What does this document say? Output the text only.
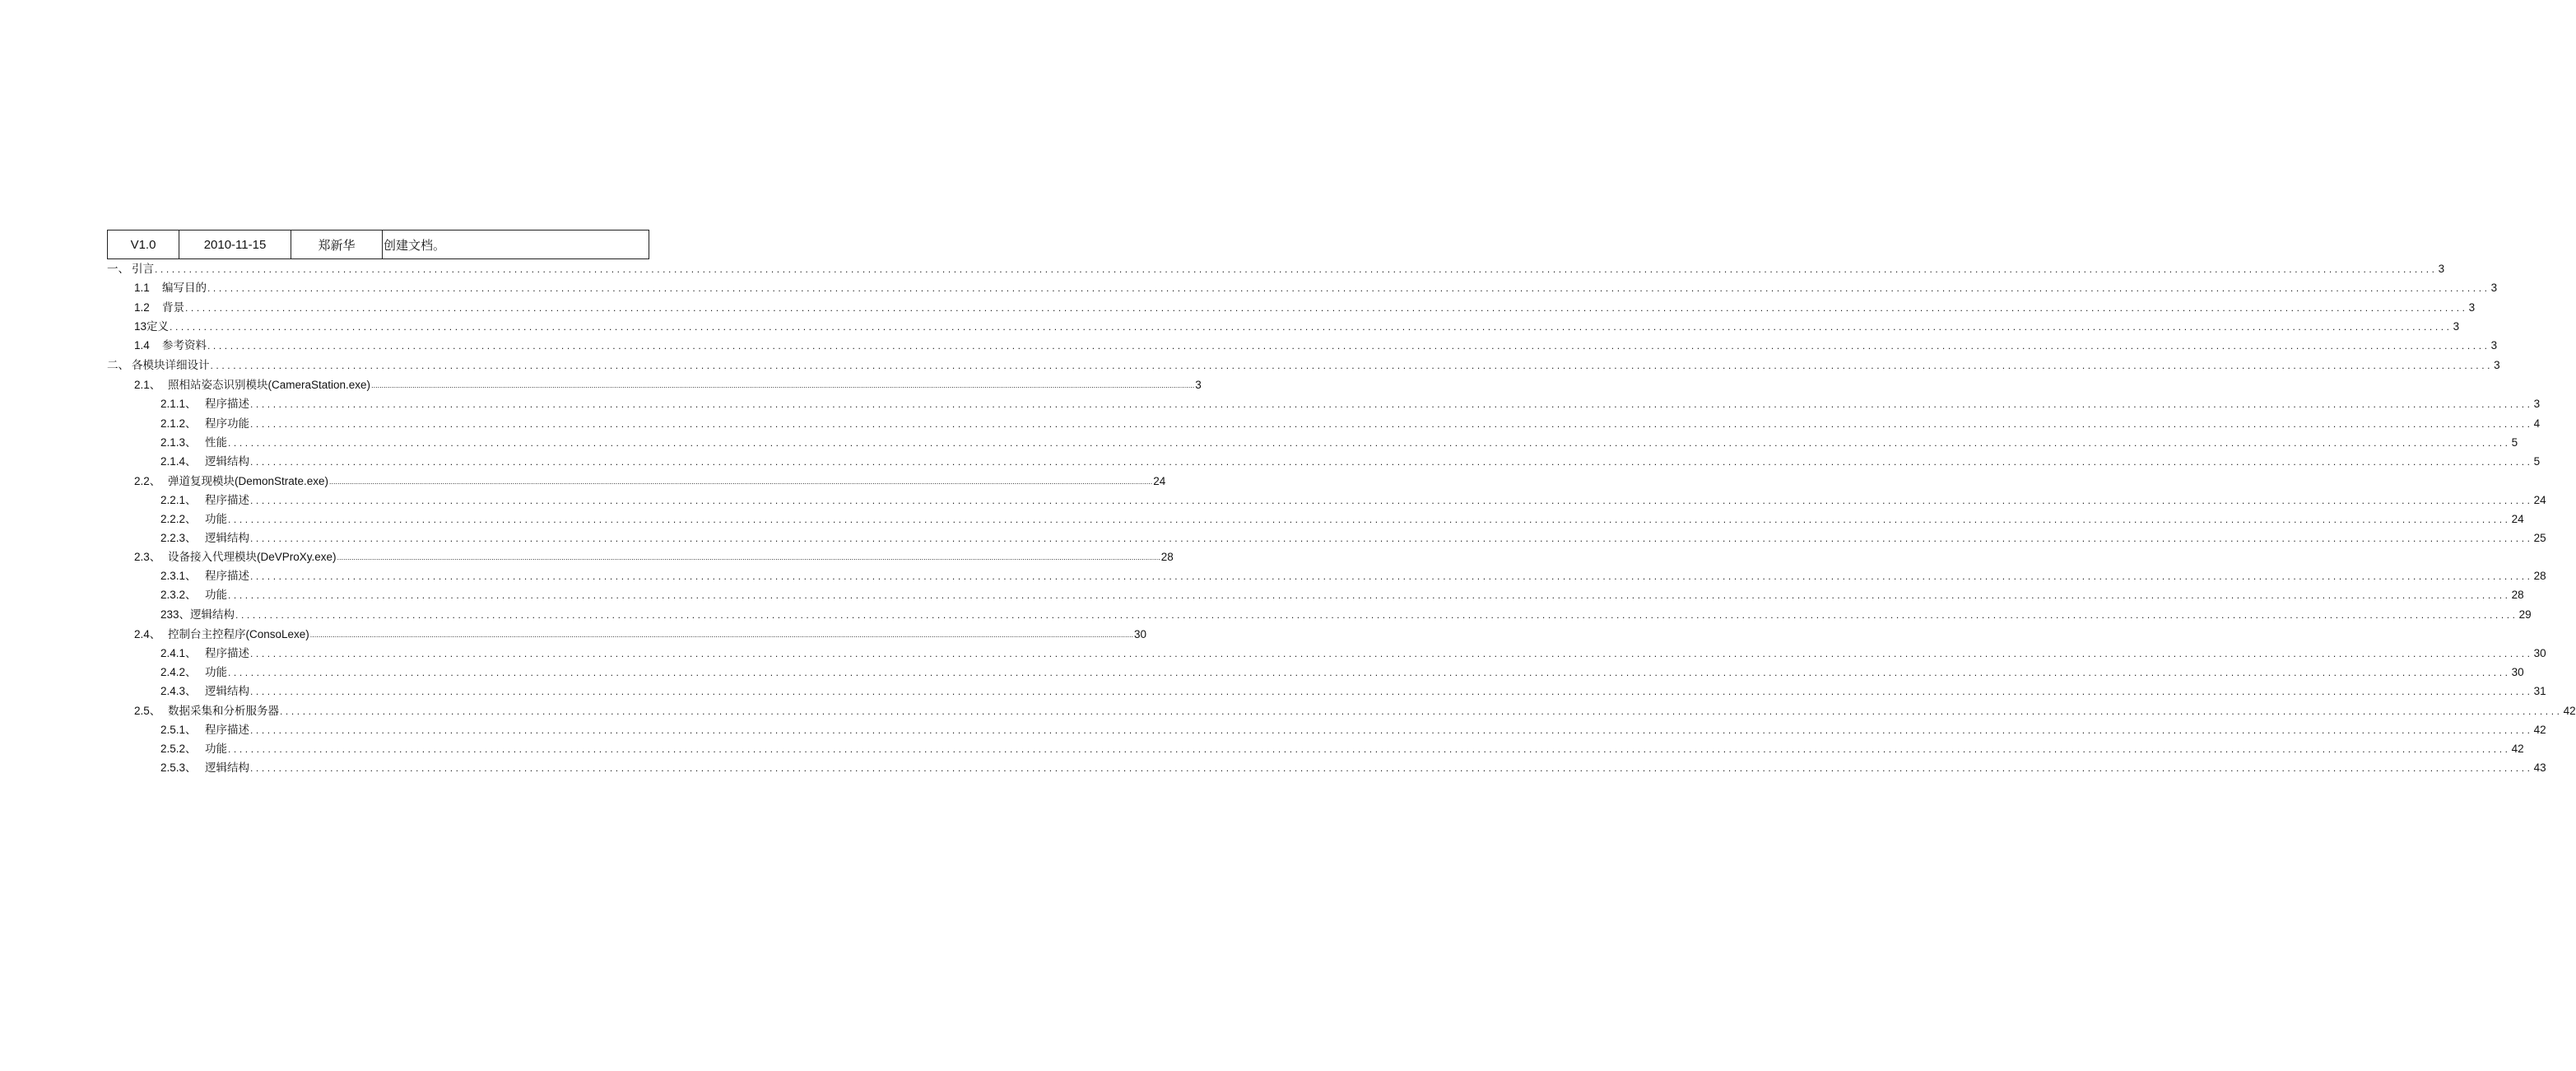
V1.0	2010-11-15	郑新华	创建文档。
一、 引言 ................................................................................................................................................................................................................................................................................................................................................................................................................ 3
1.1	编写目的 ................................................................................................................................................................................................................................................................................................................................................................................................................ 3
1.2	背景 ................................................................................................................................................................................................................................................................................................................................................................................................................ 3
13 定义 ................................................................................................................................................................................................................................................................................................................................................................................................................ 3
1.4	参考资料 ................................................................................................................................................................................................................................................................................................................................................................................................................ 3
二、 各模块详细设计 ................................................................................................................................................................................................................................................................................................................................................................................................................ 3
2.1、 照相站姿态识别模块(CameraStation.exe) ................................................................................................................................................................................................................................................................................................................................................................................................................ 3
2.1.1、 程序描述 ................................................................................................................................................................................................................................................................................................................................................................................................................ 3
2.1.2、 程序功能 ................................................................................................................................................................................................................................................................................................................................................................................................................ 4
2.1.3、 性能 ................................................................................................................................................................................................................................................................................................................................................................................................................ 5
2.1.4、 逻辑结构 ................................................................................................................................................................................................................................................................................................................................................................................................................ 5
2.2、 弹道复现模块(DemonStrate.exe) ................................................................................................................................................................................................................................................................................................................................................................................................................ 24
2.2.1、 程序描述 ................................................................................................................................................................................................................................................................................................................................................................................................................ 24
2.2.2、 功能 ................................................................................................................................................................................................................................................................................................................................................................................................................ 24
2.2.3、 逻辑结构 ................................................................................................................................................................................................................................................................................................................................................................................................................ 25
2.3、 设备接入代理模块(DeVProXy.exe) ................................................................................................................................................................................................................................................................................................................................................................................................................ 28
2.3.1、 程序描述 ................................................................................................................................................................................................................................................................................................................................................................................................................ 28
2.3.2、 功能 ................................................................................................................................................................................................................................................................................................................................................................................................................ 28
233、 逻辑结构 ................................................................................................................................................................................................................................................................................................................................................................................................................ 29
2.4、 控制台主控程序(ConsoLexe) ................................................................................................................................................................................................................................................................................................................................................................................................................ 30
2.4.1、 程序描述 ................................................................................................................................................................................................................................................................................................................................................................................................................ 30
2.4.2、 功能 ................................................................................................................................................................................................................................................................................................................................................................................................................ 30
2.4.3、 逻辑结构 ................................................................................................................................................................................................................................................................................................................................................................................................................ 31
2.5、 数据采集和分析服务器 ................................................................................................................................................................................................................................................................................................................................................................................................................ 42
2.5.1、 程序描述 ................................................................................................................................................................................................................................................................................................................................................................................................................ 42
2.5.2、 功能 ................................................................................................................................................................................................................................................................................................................................................................................................................ 42
2.5.3、 逻辑结构 ................................................................................................................................................................................................................................................................................................................................................................................................................ 43
